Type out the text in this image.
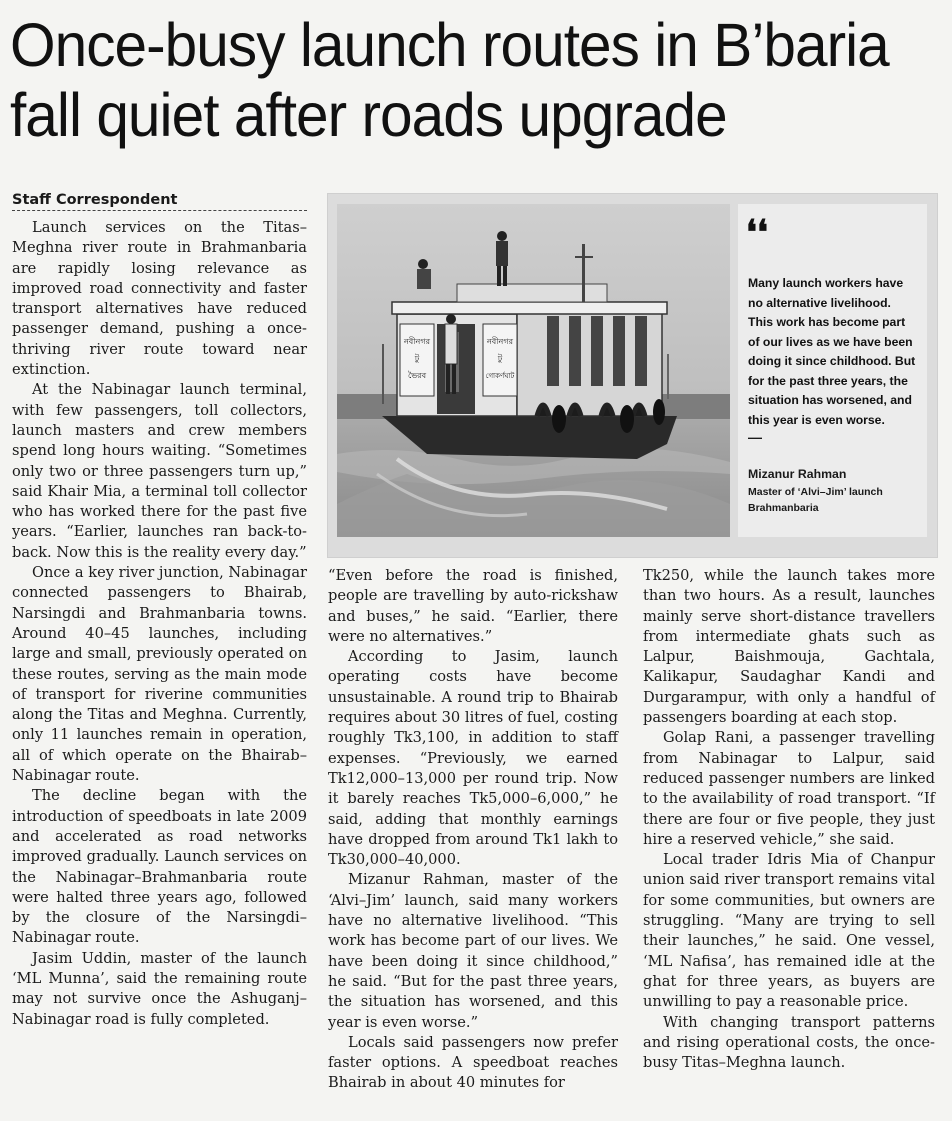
Once-busy launch routes in B’baria
fall quiet after roads upgrade
Staff Correspondent

Launch services on the Titas–Meghna river route in Brahmanbaria are rapidly losing relevance as improved road connectivity and faster transport alternatives have reduced passenger demand, pushing a once-thriving river route toward near extinction.

At the Nabinagar launch terminal, with few passengers, toll collectors, launch masters and crew members spend long hours waiting. “Sometimes only two or three passengers turn up,” said Khair Mia, a terminal toll collector who has worked there for the past five years. “Earlier, launches ran back-to-back. Now this is the reality every day.”

Once a key river junction, Nabinagar connected passengers to Bhairab, Narsingdi and Brahmanbaria towns. Around 40–45 launches, including large and small, previously operated on these routes, serving as the main mode of transport for riverine communities along the Titas and Meghna. Currently, only 11 launches remain in operation, all of which operate on the Bhairab–Nabinagar route.

The decline began with the introduction of speedboats in late 2009 and accelerated as road networks improved gradually. Launch services on the Nabinagar–Brahmanbaria route were halted three years ago, followed by the closure of the Narsingdi–Nabinagar route.

Jasim Uddin, master of the launch ‘ML Munna’, said the remaining route may not survive once the Ashuganj–Nabinagar road is fully completed.

নবীনগর
টু
ভৈরব
নবীনগর
টু
গোকর্ণঘাট
❛❛
Many launch workers have no alternative livelihood. This work has become part of our lives as we have been doing it since childhood. But for the past three years, the situation has worsened, and this year is even worse.
—
Mizanur Rahman
Master of ‘Alvi–Jim’ launch
Brahmanbaria

“Even before the road is finished, people are travelling by auto-rickshaw and buses,” he said. “Earlier, there were no alternatives.”

According to Jasim, launch operating costs have become unsustainable. A round trip to Bhairab requires about 30 litres of fuel, costing roughly Tk3,100, in addition to staff expenses. “Previously, we earned Tk12,000–13,000 per round trip. Now it barely reaches Tk5,000–6,000,” he said, adding that monthly earnings have dropped from around Tk1 lakh to Tk30,000–40,000.

Mizanur Rahman, master of the ‘Alvi–Jim’ launch, said many workers have no alternative livelihood. “This work has become part of our lives. We have been doing it since childhood,” he said. “But for the past three years, the situation has worsened, and this year is even worse.”

Locals said passengers now prefer faster options. A speedboat reaches Bhairab in about 40 minutes for

Tk250, while the launch takes more than two hours. As a result, launches mainly serve short-distance travellers from intermediate ghats such as Lalpur, Baishmouja, Gachtala, Kalikapur, Saudaghar Kandi and Durgarampur, with only a handful of passengers boarding at each stop.

Golap Rani, a passenger travelling from Nabinagar to Lalpur, said reduced passenger numbers are linked to the availability of road transport. “If there are four or five people, they just hire a reserved vehicle,” she said.

Local trader Idris Mia of Chanpur union said river transport remains vital for some communities, but owners are struggling. “Many are trying to sell their launches,” he said. One vessel, ‘ML Nafisa’, has remained idle at the ghat for three years, as buyers are unwilling to pay a reasonable price.

With changing transport patterns and rising operational costs, the once-busy Titas–Meghna launch.
